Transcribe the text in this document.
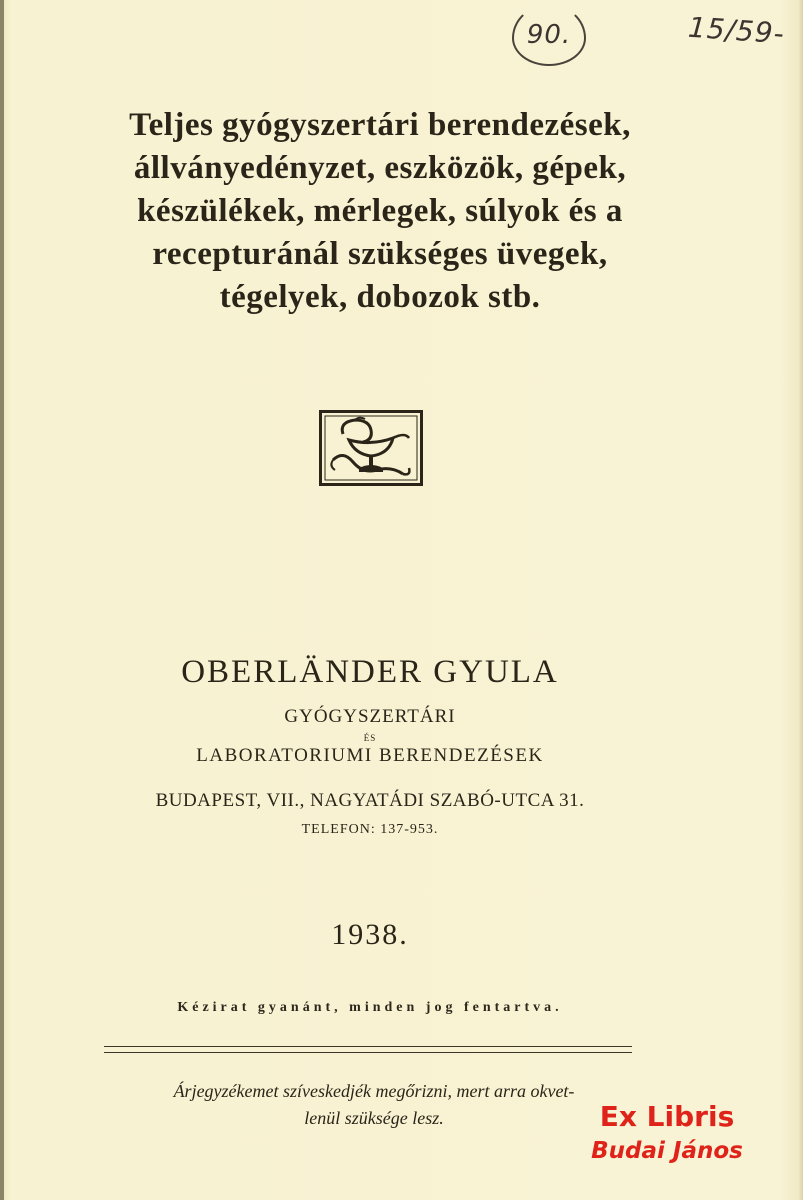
90.	15/59-
Teljes gyógyszertári berendezések,
állványedényzet, eszközök, gépek,
készülékek, mérlegek, súlyok és a
recepturánál szükséges üvegek,
tégelyek, dobozok stb.
OBERLÄNDER GYULA
GYÓGYSZERTÁRI
ÉS
LABORATORIUMI BERENDEZÉSEK
BUDAPEST, VII., NAGYATÁDI SZABÓ-UTCA 31.
TELEFON: 137-953.
1938.
Kézirat gyanánt, minden jog fentartva.

Árjegyzékemet szíveskedjék megőrizni, mert arra okvet-
lenül szüksége lesz.	Ex Libris
Budai János
